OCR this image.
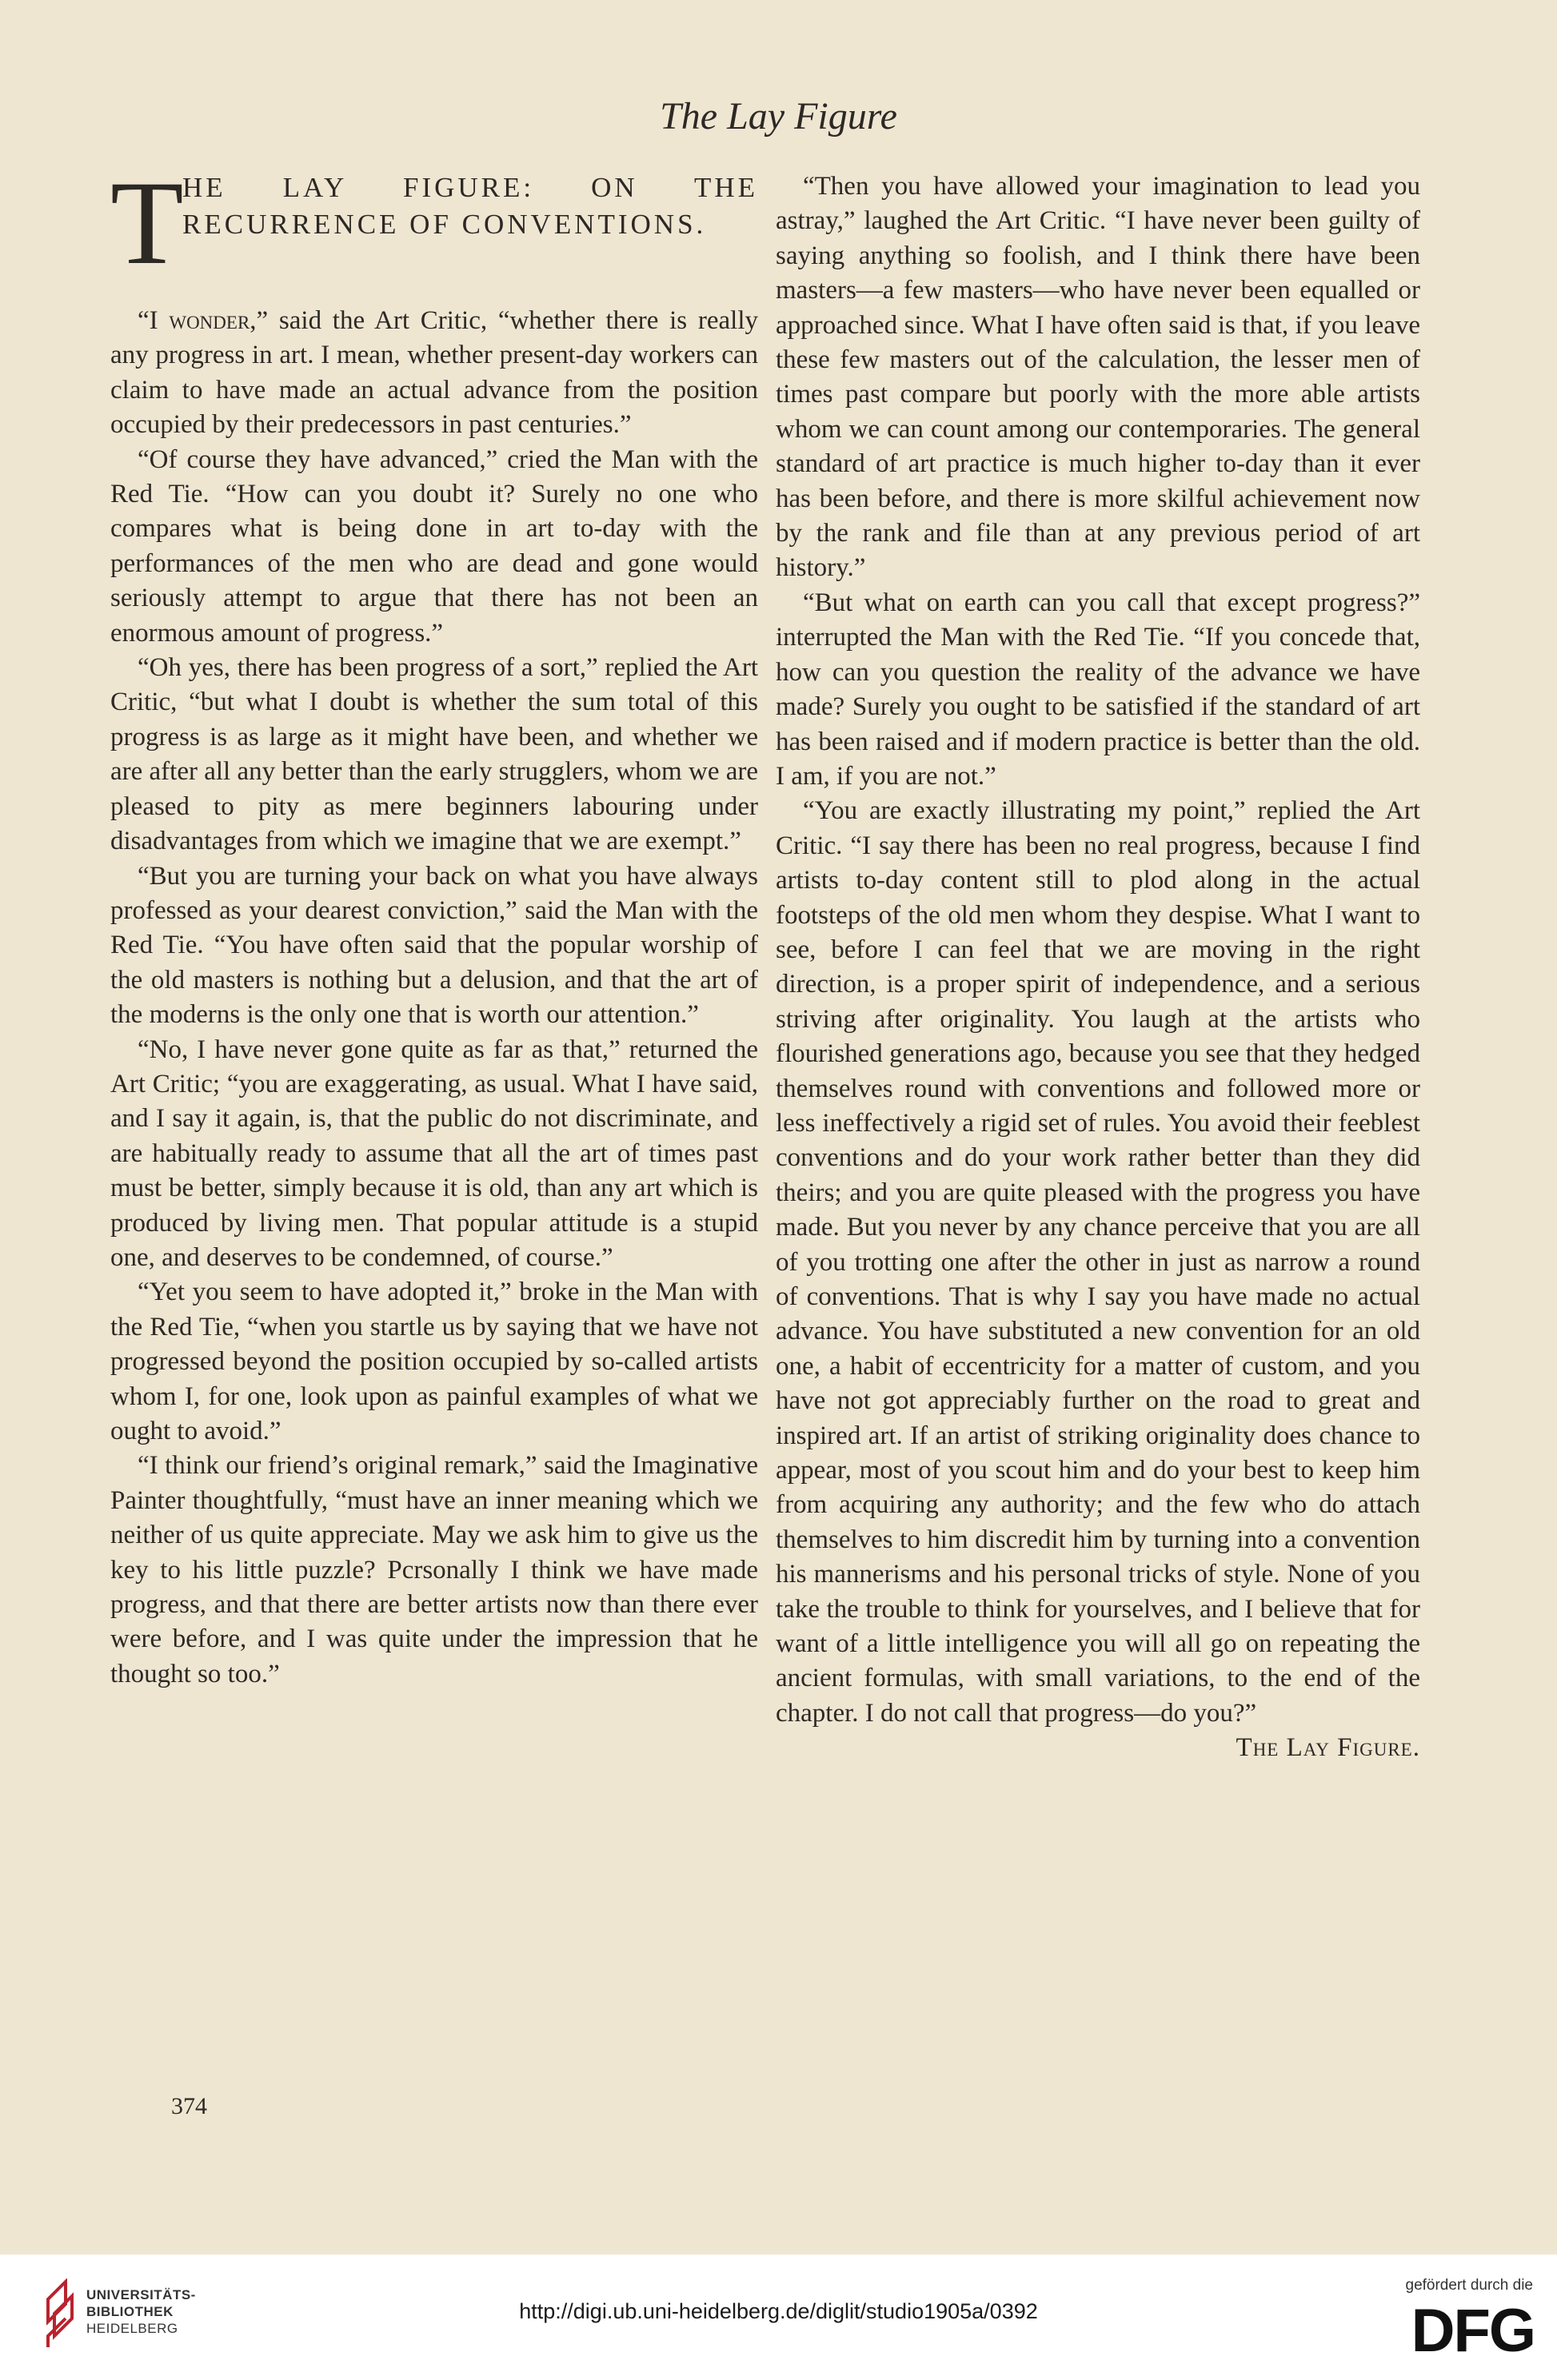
The Lay Figure
T
HE LAY FIGURE: ON THE RECURRENCE OF CONVENTIONS.

“I wonder,” said the Art Critic, “whether there is really any progress in art. I mean, whether present-day workers can claim to have made an actual advance from the position occupied by their predecessors in past centuries.”

“Of course they have advanced,” cried the Man with the Red Tie. “How can you doubt it? Surely no one who compares what is being done in art to-day with the performances of the men who are dead and gone would seriously attempt to argue that there has not been an enormous amount of progress.”

“Oh yes, there has been progress of a sort,” replied the Art Critic, “but what I doubt is whether the sum total of this progress is as large as it might have been, and whether we are after all any better than the early strugglers, whom we are pleased to pity as mere beginners labouring under disadvantages from which we imagine that we are exempt.”

“But you are turning your back on what you have always professed as your dearest conviction,” said the Man with the Red Tie. “You have often said that the popular worship of the old masters is nothing but a delusion, and that the art of the moderns is the only one that is worth our attention.”

“No, I have never gone quite as far as that,” returned the Art Critic; “you are exaggerating, as usual. What I have said, and I say it again, is, that the public do not discriminate, and are habitually ready to assume that all the art of times past must be better, simply because it is old, than any art which is produced by living men. That popular attitude is a stupid one, and deserves to be condemned, of course.”

“Yet you seem to have adopted it,” broke in the Man with the Red Tie, “when you startle us by saying that we have not progressed beyond the position occupied by so-called artists whom I, for one, look upon as painful examples of what we ought to avoid.”

“I think our friend’s original remark,” said the Imaginative Painter thoughtfully, “must have an inner meaning which we neither of us quite appreciate. May we ask him to give us the key to his little puzzle? Pcrsonally I think we have made progress, and that there are better artists now than there ever were before, and I was quite under the impression that he thought so too.”

“Then you have allowed your imagination to lead you astray,” laughed the Art Critic. “I have never been guilty of saying anything so foolish, and I think there have been masters—a few masters—who have never been equalled or approached since. What I have often said is that, if you leave these few masters out of the calculation, the lesser men of times past compare but poorly with the more able artists whom we can count among our contemporaries. The general standard of art practice is much higher to-day than it ever has been before, and there is more skilful achievement now by the rank and file than at any previous period of art history.”

“But what on earth can you call that except progress?” interrupted the Man with the Red Tie. “If you concede that, how can you question the reality of the advance we have made? Surely you ought to be satisfied if the standard of art has been raised and if modern practice is better than the old. I am, if you are not.”

“You are exactly illustrating my point,” replied the Art Critic. “I say there has been no real progress, because I find artists to-day content still to plod along in the actual footsteps of the old men whom they despise. What I want to see, before I can feel that we are moving in the right direction, is a proper spirit of independence, and a serious striving after originality. You laugh at the artists who flourished generations ago, because you see that they hedged themselves round with conventions and followed more or less ineffectively a rigid set of rules. You avoid their feeblest conventions and do your work rather better than they did theirs; and you are quite pleased with the progress you have made. But you never by any chance perceive that you are all of you trotting one after the other in just as narrow a round of conventions. That is why I say you have made no actual advance. You have substituted a new convention for an old one, a habit of eccentricity for a matter of custom, and you have not got appreciably further on the road to great and inspired art. If an artist of striking originality does chance to appear, most of you scout him and do your best to keep him from acquiring any authority; and the few who do attach themselves to him discredit him by turning into a convention his mannerisms and his personal tricks of style. None of you take the trouble to think for yourselves, and I believe that for want of a little intelligence you will all go on repeating the ancient formulas, with small variations, to the end of the chapter. I do not call that progress—do you?”
The Lay Figure.

374
UNIVERSITÄTS-
BIBLIOTHEK
HEIDELBERG
http://digi.ub.uni-heidelberg.de/diglit/studio1905a/0392
gefördert durch die
DFG
